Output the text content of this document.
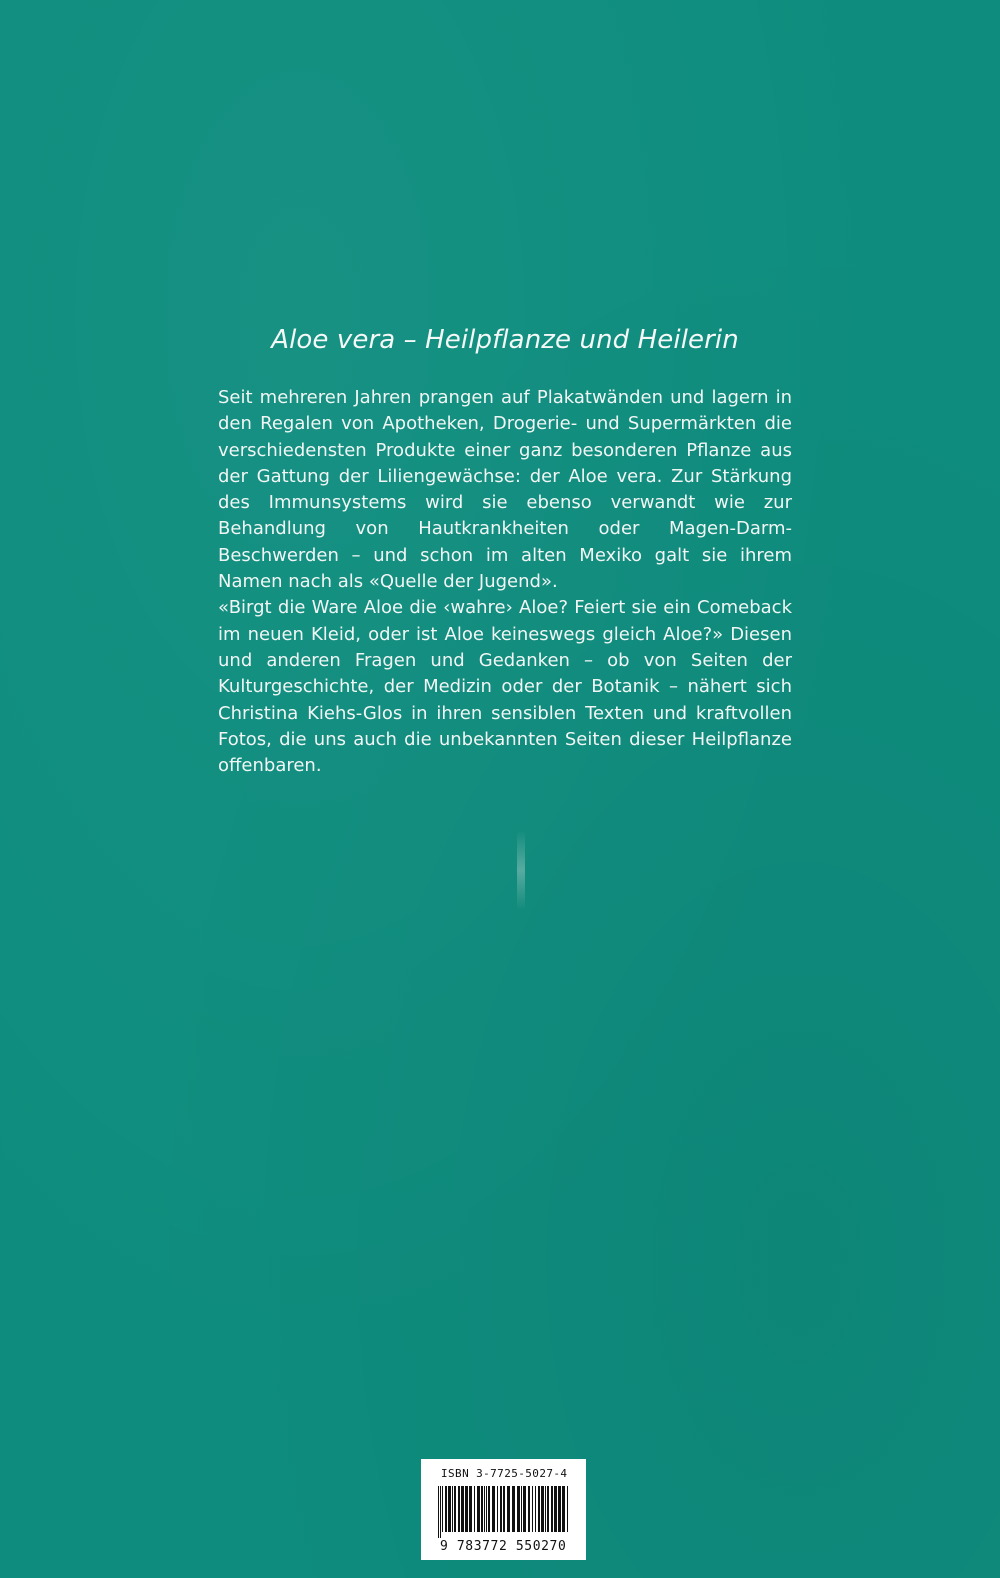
Aloe vera – Heilpflanze und Heilerin

Seit mehreren Jahren prangen auf Plakatwänden und lagern in den Regalen von Apotheken, Drogerie- und Supermärkten die verschiedensten Produkte einer ganz besonderen Pflanze aus der Gattung der Liliengewächse: der Aloe vera. Zur Stärkung des Immunsystems wird sie ebenso verwandt wie zur Behandlung von Hautkrankheiten oder Magen-Darm-Beschwerden – und schon im alten Mexiko galt sie ihrem Namen nach als «Quelle der Jugend».

«Birgt die Ware Aloe die ‹wahre› Aloe? Feiert sie ein Comeback im neuen Kleid, oder ist Aloe keineswegs gleich Aloe?» Diesen und anderen Fragen und Gedanken – ob von Seiten der Kulturgeschichte, der Medizin oder der Botanik – nähert sich Christina Kiehs-Glos in ihren sensiblen Texten und kraftvollen Fotos, die uns auch die unbekannten Seiten dieser Heilpflanze offenbaren.

ISBN 3-7725-5027-4
9 783772 550270
